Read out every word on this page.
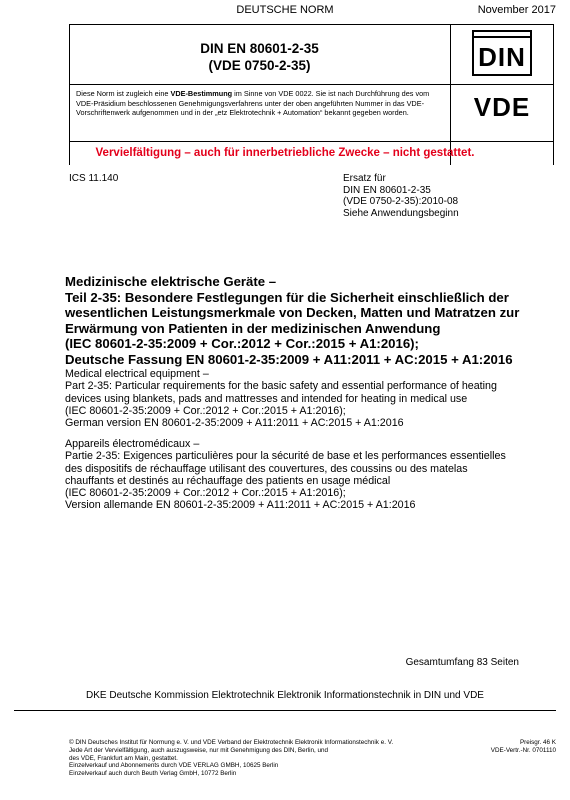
DEUTSCHE NORM	November 2017
DIN EN 80601-2-35
(VDE 0750-2-35)
Diese Norm ist zugleich eine VDE-Bestimmung im Sinne von VDE 0022. Sie ist nach Durchführung des vom VDE-Präsidium beschlossenen Genehmigungsverfahrens unter der oben angeführten Nummer in das VDE-Vorschriftenwerk aufgenommen und in der „etz Elektrotechnik + Automation“ bekannt gegeben worden.
DIN
VDE
Vervielfältigung – auch für innerbetriebliche Zwecke – nicht gestattet.
ICS 11.140	Ersatz für
DIN EN 80601-2-35
(VDE 0750-2-35):2010-08
Siehe Anwendungsbeginn
Medizinische elektrische Geräte –
Teil 2-35: Besondere Festlegungen für die Sicherheit einschließlich der
wesentlichen Leistungsmerkmale von Decken, Matten und Matratzen zur
Erwärmung von Patienten in der medizinischen Anwendung
(IEC 80601-2-35:2009 + Cor.:2012 + Cor.:2015 + A1:2016);
Deutsche Fassung EN 80601-2-35:2009 + A11:2011 + AC:2015 + A1:2016
Medical electrical equipment –
Part 2-35: Particular requirements for the basic safety and essential performance of heating
devices using blankets, pads and mattresses and intended for heating in medical use
(IEC 80601-2-35:2009 + Cor.:2012 + Cor.:2015 + A1:2016);
German version EN 80601-2-35:2009 + A11:2011 + AC:2015 + A1:2016
Appareils électromédicaux –
Partie 2-35: Exigences particulières pour la sécurité de base et les performances essentielles
des dispositifs de réchauffage utilisant des couvertures, des coussins ou des matelas
chauffants et destinés au réchauffage des patients en usage médical
(IEC 80601-2-35:2009 + Cor.:2012 + Cor.:2015 + A1:2016);
Version allemande EN 80601-2-35:2009 + A11:2011 + AC:2015 + A1:2016
Gesamtumfang 83 Seiten
DKE Deutsche Kommission Elektrotechnik Elektronik Informationstechnik in DIN und VDE
© DIN Deutsches Institut für Normung e. V. und VDE Verband der Elektrotechnik Elektronik Informationstechnik e. V.
Jede Art der Vervielfältigung, auch auszugsweise, nur mit Genehmigung des DIN, Berlin, und
des VDE, Frankfurt am Main, gestattet.
Einzelverkauf und Abonnements durch VDE VERLAG GMBH, 10625 Berlin
Einzelverkauf auch durch Beuth Verlag GmbH, 10772 Berlin
Preisgr. 46 K
VDE-Vertr.-Nr. 0701110
